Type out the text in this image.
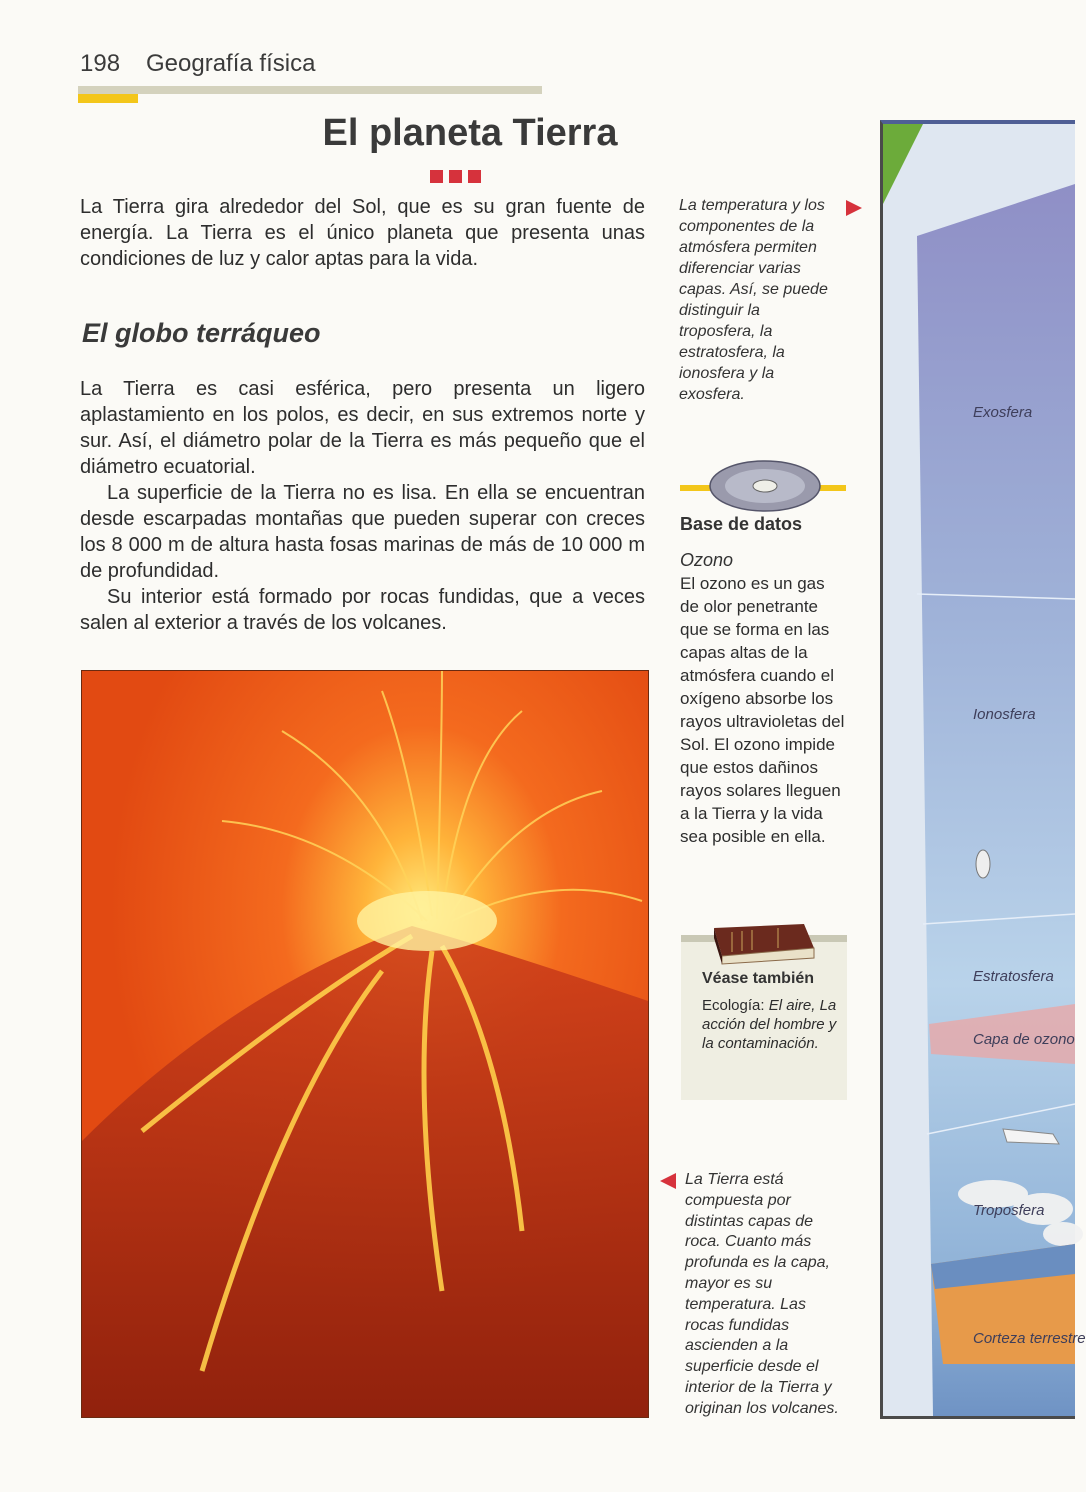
198 Geografía física
El planeta Tierra

La Tierra gira alrededor del Sol, que es su gran fuente de energía. La Tierra es el único planeta que presenta unas condiciones de luz y calor aptas para la vida.

El globo terráqueo

La Tierra es casi esférica, pero presenta un ligero aplastamiento en los polos, es decir, en sus extremos norte y sur. Así, el diámetro polar de la Tierra es más pequeño que el diámetro ecuatorial.

La superficie de la Tierra no es lisa. En ella se encuentran desde escarpadas montañas que pueden superar con creces los 8 000 m de altura hasta fosas marinas de más de 10 000 m de profundidad.

Su interior está formado por rocas fundidas, que a veces salen al exterior a través de los volcanes.

La temperatura y los componentes de la atmósfera permiten diferenciar varias capas. Así, se puede distinguir la troposfera, la estratosfera, la ionosfera y la exosfera.
Base de datos
Ozono
El ozono es un gas de olor penetrante que se forma en las capas altas de la atmósfera cuando el oxígeno absorbe los rayos ultravioletas del Sol. El ozono impide que estos dañinos rayos solares lleguen a la Tierra y la vida sea posible en ella.
Véase también
Ecología: El aire, La acción del hombre y la contaminación.
La Tierra está compuesta por distintas capas de roca. Cuanto más profunda es la capa, mayor es su temperatura. Las rocas fundidas ascienden a la superficie desde el interior de la Tierra y originan los volcanes.
Exosfera
Ionosfera
Estratosfera
Capa de ozono
Troposfera
Corteza terrestre
